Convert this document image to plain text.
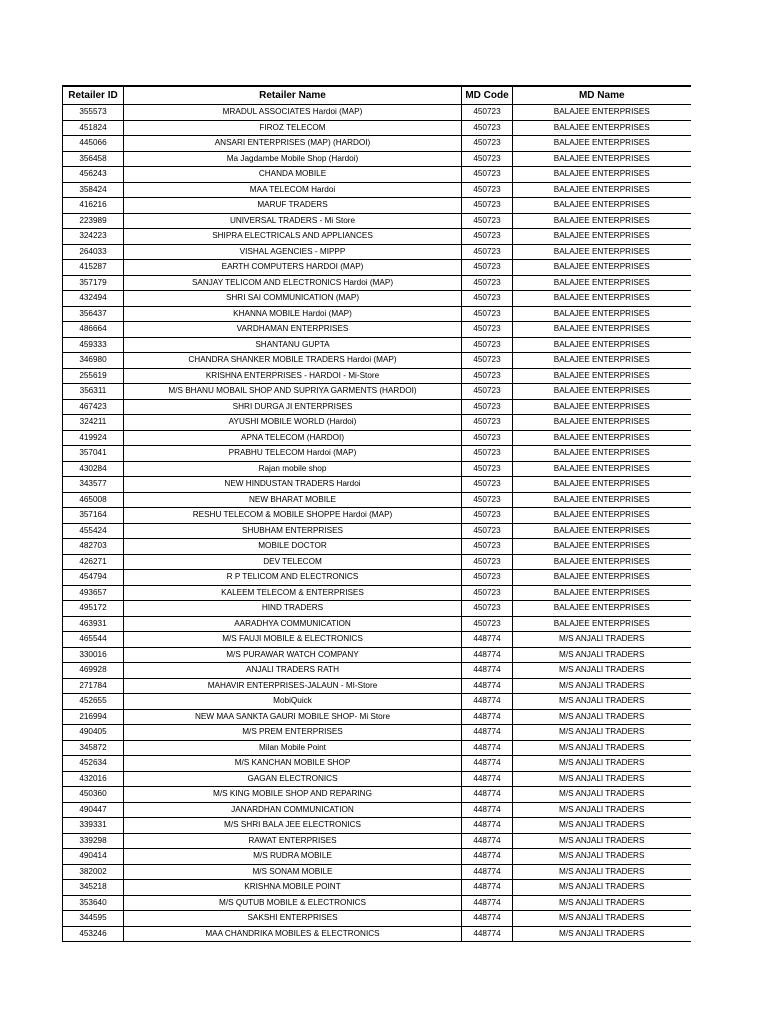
Retailer ID	Retailer Name	MD Code	MD Name
355573	MRADUL ASSOCIATES Hardoi (MAP)	450723	BALAJEE ENTERPRISES
451824	FIROZ TELECOM	450723	BALAJEE ENTERPRISES
445066	ANSARI ENTERPRISES (MAP) (HARDOI)	450723	BALAJEE ENTERPRISES
356458	Ma Jagdambe Mobile Shop (Hardoi)	450723	BALAJEE ENTERPRISES
456243	CHANDA MOBILE	450723	BALAJEE ENTERPRISES
358424	MAA TELECOM Hardoi	450723	BALAJEE ENTERPRISES
416216	MARUF TRADERS	450723	BALAJEE ENTERPRISES
223989	UNIVERSAL TRADERS - Mi Store	450723	BALAJEE ENTERPRISES
324223	SHIPRA ELECTRICALS AND APPLIANCES	450723	BALAJEE ENTERPRISES
264033	VISHAL AGENCIES - MIPPP	450723	BALAJEE ENTERPRISES
415287	EARTH COMPUTERS HARDOI (MAP)	450723	BALAJEE ENTERPRISES
357179	SANJAY TELICOM AND ELECTRONICS Hardoi (MAP)	450723	BALAJEE ENTERPRISES
432494	SHRI SAI COMMUNICATION (MAP)	450723	BALAJEE ENTERPRISES
356437	KHANNA MOBILE Hardoi (MAP)	450723	BALAJEE ENTERPRISES
486664	VARDHAMAN ENTERPRISES	450723	BALAJEE ENTERPRISES
459333	SHANTANU GUPTA	450723	BALAJEE ENTERPRISES
346980	CHANDRA SHANKER MOBILE TRADERS Hardoi (MAP)	450723	BALAJEE ENTERPRISES
255619	KRISHNA ENTERPRISES - HARDOI - Mi-Store	450723	BALAJEE ENTERPRISES
356311	M/S BHANU MOBAIL SHOP AND SUPRIYA GARMENTS (HARDOI)	450723	BALAJEE ENTERPRISES
467423	SHRI DURGA JI ENTERPRISES	450723	BALAJEE ENTERPRISES
324211	AYUSHI MOBILE WORLD (Hardoi)	450723	BALAJEE ENTERPRISES
419924	APNA TELECOM (HARDOI)	450723	BALAJEE ENTERPRISES
357041	PRABHU TELECOM Hardoi (MAP)	450723	BALAJEE ENTERPRISES
430284	Rajan mobile shop	450723	BALAJEE ENTERPRISES
343577	NEW HINDUSTAN TRADERS Hardoi	450723	BALAJEE ENTERPRISES
465008	NEW BHARAT MOBILE	450723	BALAJEE ENTERPRISES
357164	RESHU TELECOM & MOBILE SHOPPE Hardoi (MAP)	450723	BALAJEE ENTERPRISES
455424	SHUBHAM ENTERPRISES	450723	BALAJEE ENTERPRISES
482703	MOBILE DOCTOR	450723	BALAJEE ENTERPRISES
426271	DEV TELECOM	450723	BALAJEE ENTERPRISES
454794	R P TELICOM AND ELECTRONICS	450723	BALAJEE ENTERPRISES
493657	KALEEM TELECOM & ENTERPRISES	450723	BALAJEE ENTERPRISES
495172	HIND TRADERS	450723	BALAJEE ENTERPRISES
463931	AARADHYA COMMUNICATION	450723	BALAJEE ENTERPRISES
465544	M/S FAUJI MOBILE & ELECTRONICS	448774	M/S ANJALI TRADERS
330016	M/S PURAWAR WATCH COMPANY	448774	M/S ANJALI TRADERS
469928	ANJALI TRADERS RATH	448774	M/S ANJALI TRADERS
271784	MAHAVIR ENTERPRISES-JALAUN - MI-Store	448774	M/S ANJALI TRADERS
452655	MobiQuick	448774	M/S ANJALI TRADERS
216994	NEW MAA SANKTA GAURI MOBILE SHOP- Mi Store	448774	M/S ANJALI TRADERS
490405	M/S PREM ENTERPRISES	448774	M/S ANJALI TRADERS
345872	Milan Mobile Point	448774	M/S ANJALI TRADERS
452634	M/S KANCHAN MOBILE SHOP	448774	M/S ANJALI TRADERS
432016	GAGAN ELECTRONICS	448774	M/S ANJALI TRADERS
450360	M/S KING MOBILE SHOP AND REPARING	448774	M/S ANJALI TRADERS
490447	JANARDHAN COMMUNICATION	448774	M/S ANJALI TRADERS
339331	M/S SHRI BALA JEE ELECTRONICS	448774	M/S ANJALI TRADERS
339298	RAWAT ENTERPRISES	448774	M/S ANJALI TRADERS
490414	M/S RUDRA MOBILE	448774	M/S ANJALI TRADERS
382002	M/S SONAM MOBILE	448774	M/S ANJALI TRADERS
345218	KRISHNA MOBILE POINT	448774	M/S ANJALI TRADERS
353640	M/S QUTUB MOBILE & ELECTRONICS	448774	M/S ANJALI TRADERS
344595	SAKSHI ENTERPRISES	448774	M/S ANJALI TRADERS
453246	MAA CHANDRIKA MOBILES & ELECTRONICS	448774	M/S ANJALI TRADERS
